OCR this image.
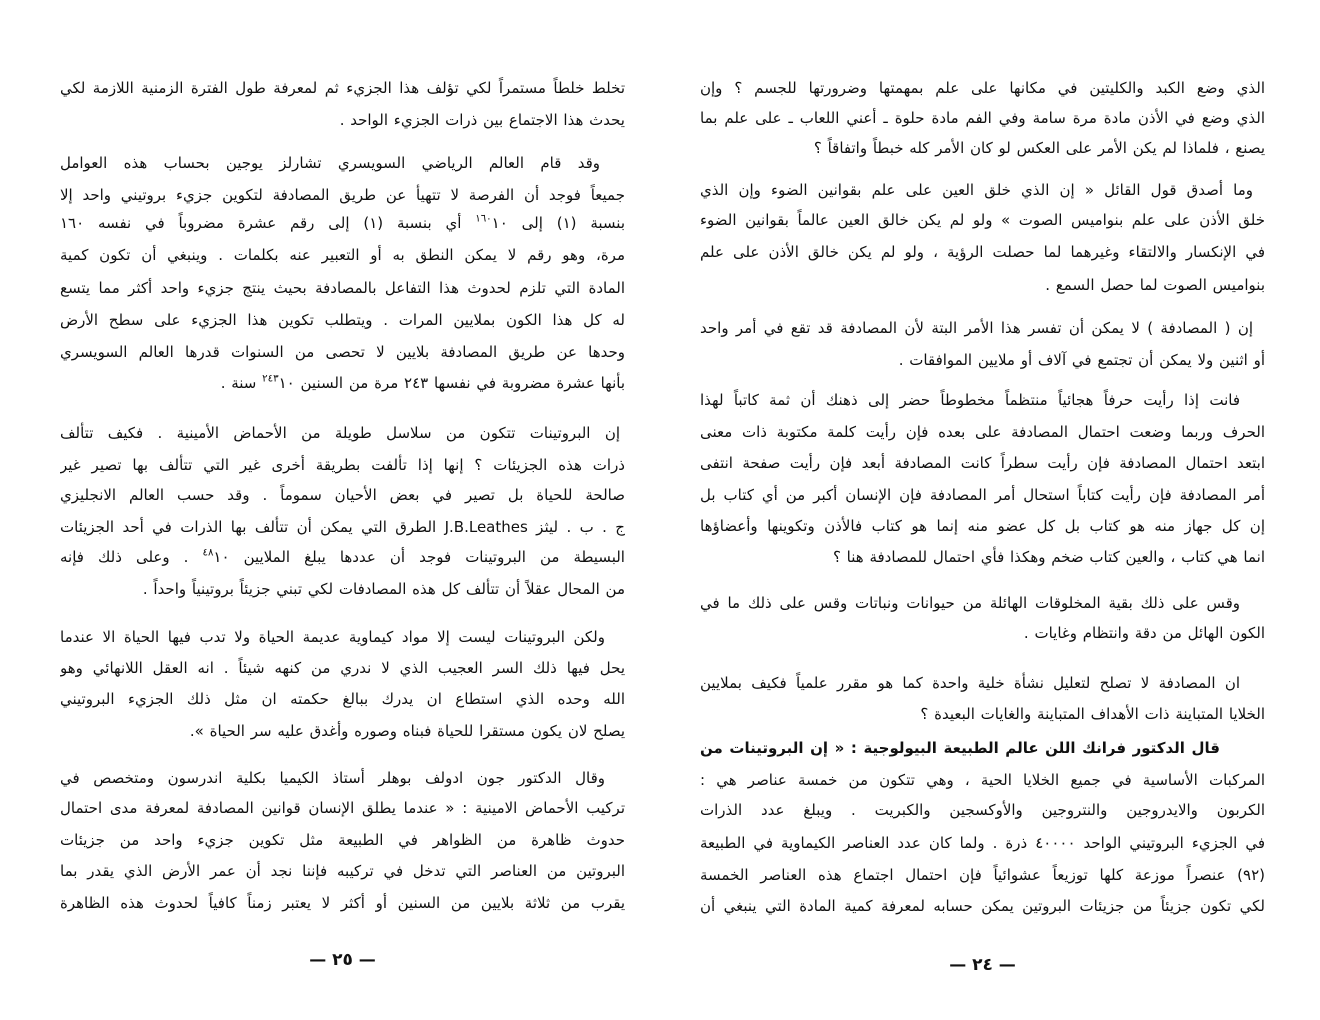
تخلط خلطاً مستمراً لكي تؤلف هذا الجزيء ثم لمعرفة طول الفترة الزمنية اللازمة لكي
يحدث هذا الاجتماع بين ذرات الجزيء الواحد .
وقد قام العالم الرياضي السويسري تشارلز يوجين بحساب هذه العوامل
جميعاً فوجد أن الفرصة لا تتهيأ عن طريق المصادفة لتكوين جزيء بروتيني واحد إلا
بنسبة (١) إلى $١٠^{١٦٠}$ أي بنسبة (١) إلى رقم عشرة مضروباً في نفسه ١٦٠
مرة، وهو رقم لا يمكن النطق به أو التعبير عنه بكلمات . وينبغي أن تكون كمية
المادة التي تلزم لحدوث هذا التفاعل بالمصادفة بحيث ينتج جزيء واحد أكثر مما يتسع
له كل هذا الكون بملايين المرات . ويتطلب تكوين هذا الجزيء على سطح الأرض
وحدها عن طريق المصادفة بلايين لا تحصى من السنوات قدرها العالم السويسري
بأنها عشرة مضروبة في نفسها ٢٤٣ مرة من السنين $١٠^{٢٤٣}$ سنة .
إن البروتينات تتكون من سلاسل طويلة من الأحماض الأمينية . فكيف تتألف
ذرات هذه الجزيئات ؟ إنها إذا تألفت بطريقة أخرى غير التي تتألف بها تصير غير
صالحة للحياة بل تصير في بعض الأحيان سموماً . وقد حسب العالم الانجليزي
ج . ب . ليثز J.B.Leathes الطرق التي يمكن أن تتألف بها الذرات في أحد الجزيئات
البسيطة من البروتينات فوجد أن عددها يبلغ الملايين $١٠^{٤٨}$ . وعلى ذلك فإنه
من المحال عقلاً أن تتألف كل هذه المصادفات لكي تبني جزيئاً بروتينياً واحداً .
ولكن البروتينات ليست إلا مواد كيماوية عديمة الحياة ولا تدب فيها الحياة الا عندما
يحل فيها ذلك السر العجيب الذي لا ندري من كنهه شيئاً . انه العقل اللانهائي وهو
الله وحده الذي استطاع ان يدرك ببالغ حكمته ان مثل ذلك الجزيء البروتيني
يصلح لان يكون مستقرا للحياة فبناه وصوره وأغدق عليه سر الحياة ».
وقال الدكتور جون ادولف بوهلر أستاذ الكيميا بكلية اندرسون ومتخصص في
تركيب الأحماض الامينية : « عندما يطلق الإنسان قوانين المصادفة لمعرفة مدى احتمال
حدوث ظاهرة من الظواهر في الطبيعة مثل تكوين جزيء واحد من جزيئات
البروتين من العناصر التي تدخل في تركيبه فإننا نجد أن عمر الأرض الذي يقدر بما
يقرب من ثلاثة بلايين من السنين أو أكثر لا يعتبر زمناً كافياً لحدوث هذه الظاهرة
— ٢٥ —
الذي وضع الكبد والكليتين في مكانها على علم بمهمتها وضرورتها للجسم ؟ وإن
الذي وضع في الأذن مادة مرة سامة وفي الفم مادة حلوة ـ أعني اللعاب ـ على علم بما
يصنع ، فلماذا لم يكن الأمر على العكس لو كان الأمر كله خبطاً واتفاقاً ؟
وما أصدق قول القائل « إن الذي خلق العين على علم بقوانين الضوء وإن الذي
خلق الأذن على علم بنواميس الصوت » ولو لم يكن خالق العين عالماً بقوانين الضوء
في الإنكسار والالتقاء وغيرهما لما حصلت الرؤية ، ولو لم يكن خالق الأذن على علم
بنواميس الصوت لما حصل السمع .
إن ( المصادفة ) لا يمكن أن تفسر هذا الأمر البتة لأن المصادفة قد تقع في أمر واحد
أو اثنين ولا يمكن أن تجتمع في آلاف أو ملايين الموافقات .
فانت إذا رأيت حرفاً هجائياً منتظماً مخطوطاً حضر إلى ذهنك أن ثمة كاتباً لهذا
الحرف وربما وضعت احتمال المصادفة على بعده فإن رأيت كلمة مكتوبة ذات معنى
ابتعد احتمال المصادفة فإن رأيت سطراً كانت المصادفة أبعد فإن رأيت صفحة انتفى
أمر المصادفة فإن رأيت كتاباً استحال أمر المصادفة فإن الإنسان أكبر من أي كتاب بل
إن كل جهاز منه هو كتاب بل كل عضو منه إنما هو كتاب فالأذن وتكوينها وأعضاؤها
انما هي كتاب ، والعين كتاب ضخم وهكذا فأي احتمال للمصادفة هنا ؟
وقس على ذلك بقية المخلوقات الهائلة من حيوانات ونباتات وقس على ذلك ما في
الكون الهائل من دقة وانتظام وغايات .
ان المصادفة لا تصلح لتعليل نشأة خلية واحدة كما هو مقرر علمياً فكيف بملايين
الخلايا المتباينة ذات الأهداف المتباينة والغايات البعيدة ؟
قال الدكتور فرانك اللن عالم الطبيعة البيولوجية : « إن البروتينات من
المركبات الأساسية في جميع الخلايا الحية ، وهي تتكون من خمسة عناصر هي :
الكربون والايدروجين والنتروجين والأوكسجين والكبريت . ويبلغ عدد الذرات
في الجزيء البروتيني الواحد ٤٠٠٠٠ ذرة . ولما كان عدد العناصر الكيماوية في الطبيعة
(٩٢) عنصراً موزعة كلها توزيعاً عشوائياً فإن احتمال اجتماع هذه العناصر الخمسة
لكي تكون جزيئاً من جزيئات البروتين يمكن حسابه لمعرفة كمية المادة التي ينبغي أن
— ٢٤ —
